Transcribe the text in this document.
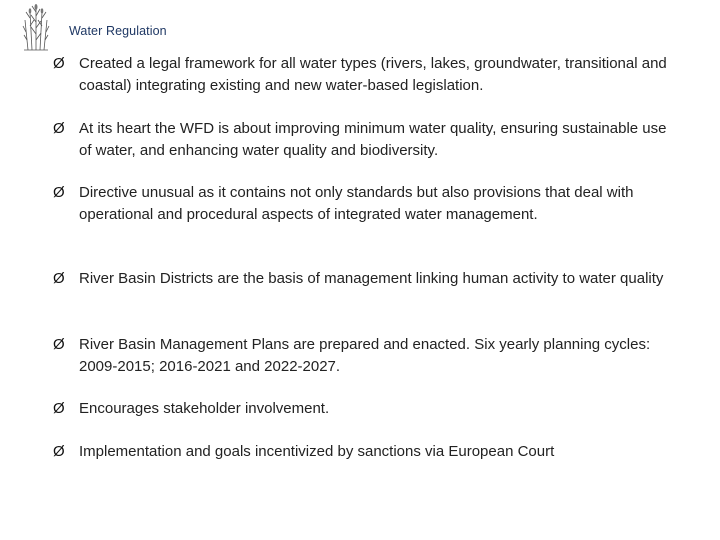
Water Regulation
Ø Created a legal framework for all water types (rivers, lakes, groundwater, transitional and coastal) integrating existing and new water-based legislation.
Ø At its heart the WFD is about improving minimum water quality, ensuring sustainable use of water, and enhancing water quality and biodiversity.
Ø Directive unusual as it contains not only standards but also provisions that deal with operational and procedural aspects of integrated water management.
Ø River Basin Districts are the basis of management linking human activity to water quality
Ø River Basin Management Plans are prepared and enacted. Six yearly planning cycles: 2009-2015; 2016-2021 and 2022-2027.
Ø Encourages stakeholder involvement.
Ø Implementation and goals incentivized by sanctions via European Court
